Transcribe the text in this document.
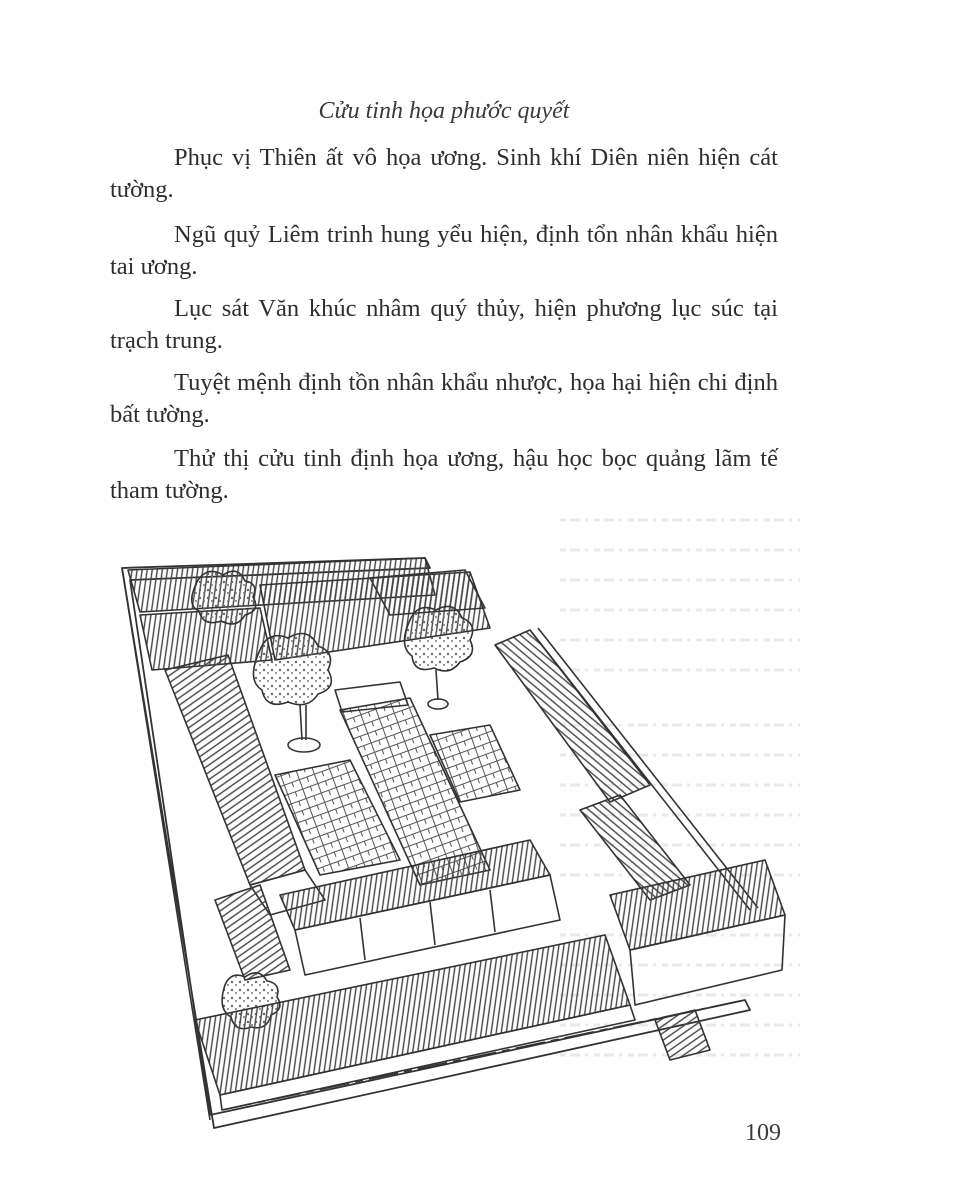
Cửu tinh họa phước quyết

Phục vị Thiên ất vô họa ương. Sinh khí Diên niên hiện cát tường.

Ngũ quỷ Liêm trinh hung yểu hiện, định tổn nhân khẩu hiện tai ương.

Lục sát Văn khúc nhâm quý thủy, hiện phương lục súc tại trạch trung.

Tuyệt mệnh định tồn nhân khẩu nhược, họa hại hiện chi định bất tường.

Thử thị cửu tinh định họa ương, hậu học bọc quảng lãm tế tham tường.

109
